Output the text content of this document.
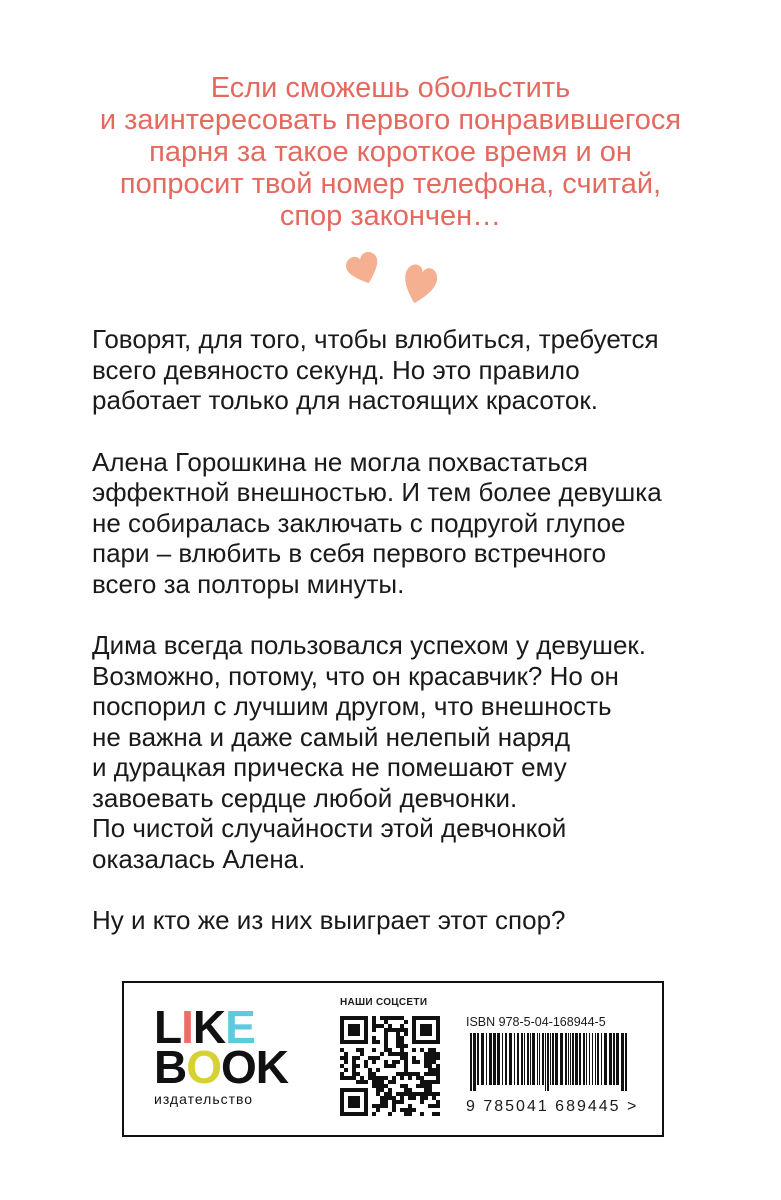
Если сможешь обольстить
и заинтересовать первого понравившегося
парня за такое короткое время и он
попросит твой номер телефона, считай,
спор закончен…
Говорят, для того, чтобы влюбиться, требуется
всего девяносто секунд. Но это правило
работает только для настоящих красоток.
Алена Горошкина не могла похвастаться
эффектной внешностью. И тем более девушка
не собиралась заключать с подругой глупое
пари – влюбить в себя первого встречного
всего за полторы минуты.
Дима всегда пользовался успехом у девушек.
Возможно, потому, что он красавчик? Но он
поспорил с лучшим другом, что внешность
не важна и даже самый нелепый наряд
и дурацкая прическа не помешают ему
завоевать сердце любой девчонки.
По чистой случайности этой девчонкой
оказалась Алена.
Ну и кто же из них выиграет этот спор?
L I K E
B O O K
издательство
НАШИ СОЦСЕТИ
ISBN 978-5-04-168944-5
9 785041 689445 >
